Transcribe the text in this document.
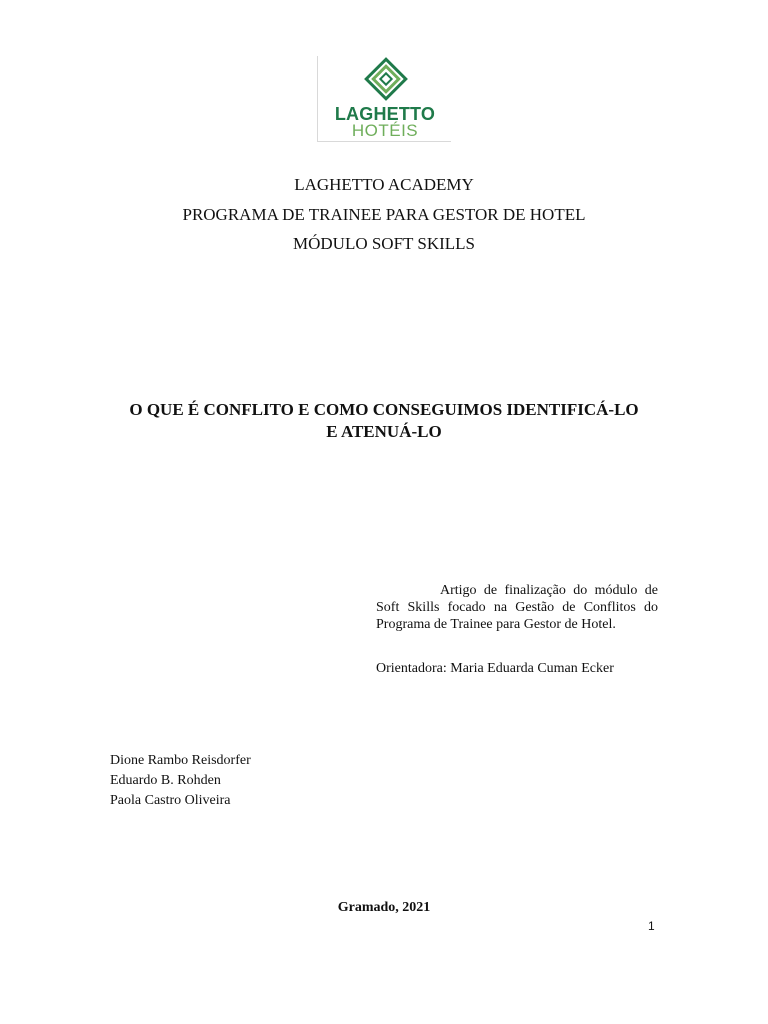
LAGHETTO
HOTÉIS
LAGHETTO ACADEMY
PROGRAMA DE TRAINEE PARA GESTOR DE HOTEL
MÓDULO SOFT SKILLS
O QUE É CONFLITO E COMO CONSEGUIMOS IDENTIFICÁ-LO
E ATENUÁ-LO
Artigo de finalização do módulo de Soft Skills focado na Gestão de Conflitos do Programa de Trainee para Gestor de Hotel.
Orientadora: Maria Eduarda Cuman Ecker
Dione Rambo Reisdorfer
Eduardo B. Rohden
Paola Castro Oliveira
Gramado, 2021
1
